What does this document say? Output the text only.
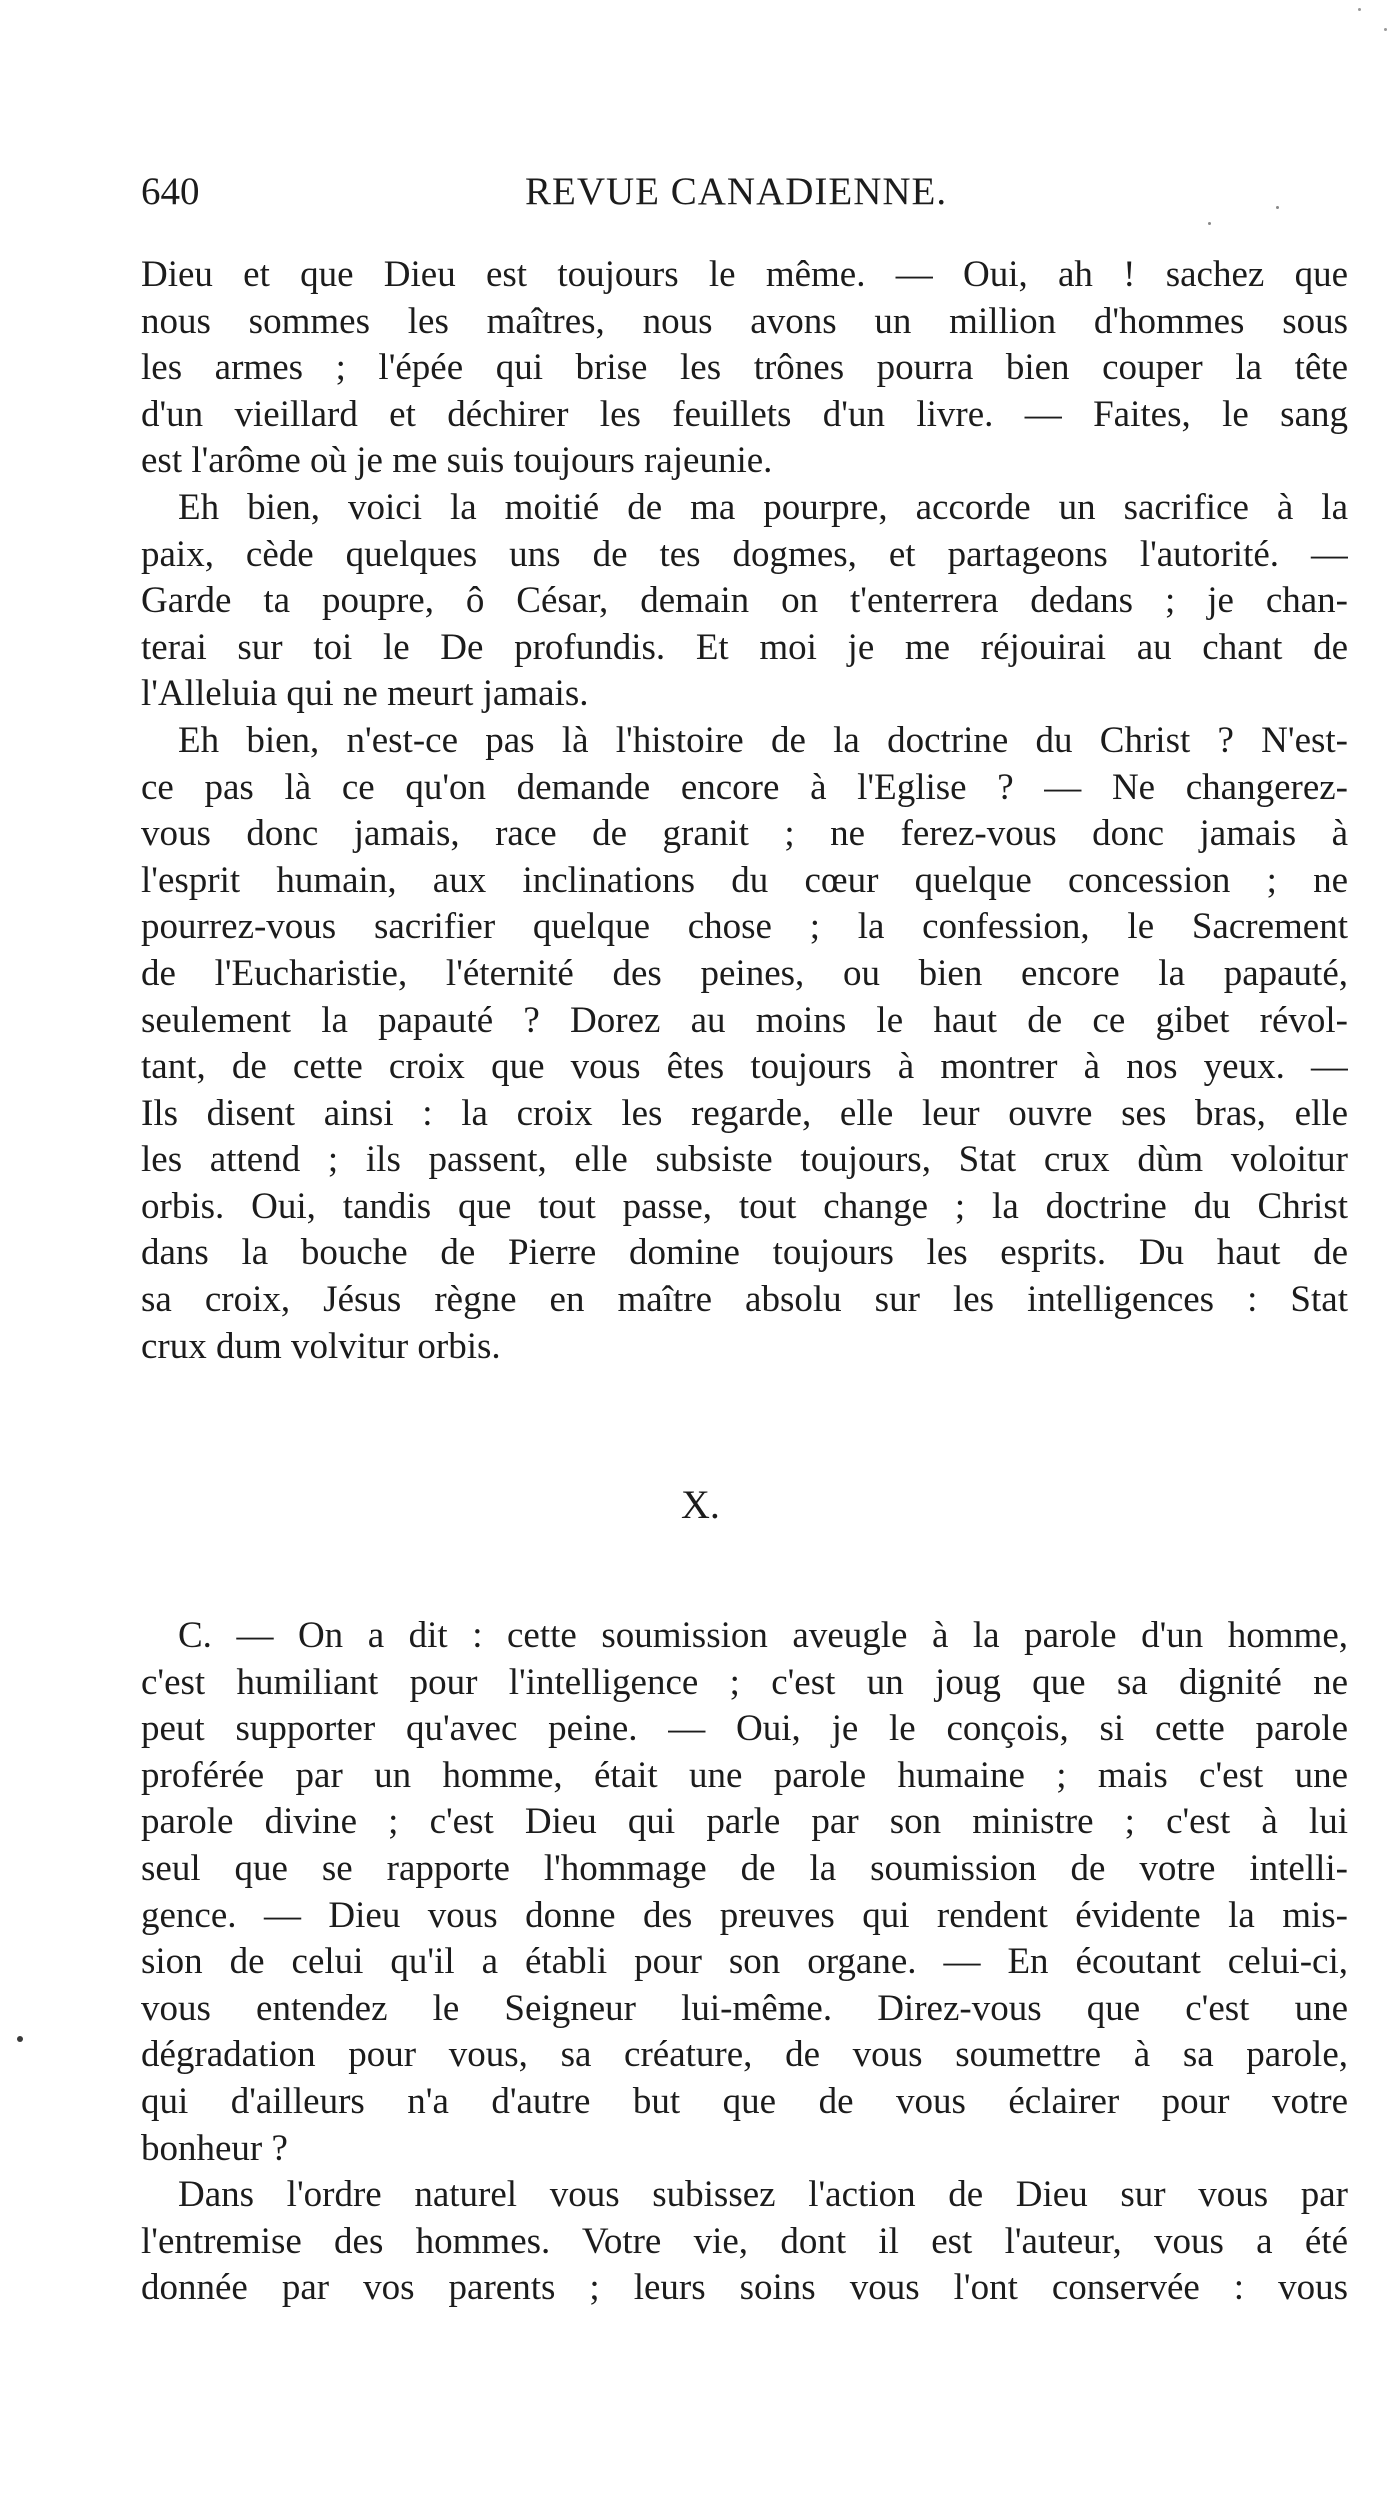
640	REVUE CANADIENNE.
Dieu et que Dieu est toujours le même. — Oui, ah ! sachez que
nous sommes les maîtres, nous avons un million d'hommes sous
les armes ; l'épée qui brise les trônes pourra bien couper la tête
d'un vieillard et déchirer les feuillets d'un livre. — Faites, le sang
est l'arôme où je me suis toujours rajeunie.
Eh bien, voici la moitié de ma pourpre, accorde un sacrifice à la
paix, cède quelques uns de tes dogmes, et partageons l'autorité. —
Garde ta poupre, ô César, demain on t'enterrera dedans ; je chan-
terai sur toi le De profundis. Et moi je me réjouirai au chant de
l'Alleluia qui ne meurt jamais.
Eh bien, n'est-ce pas là l'histoire de la doctrine du Christ ? N'est-
ce pas là ce qu'on demande encore à l'Eglise ? — Ne changerez-
vous donc jamais, race de granit ; ne ferez-vous donc jamais à
l'esprit humain, aux inclinations du cœur quelque concession ; ne
pourrez-vous sacrifier quelque chose ; la confession, le Sacrement
de l'Eucharistie, l'éternité des peines, ou bien encore la papauté,
seulement la papauté ? Dorez au moins le haut de ce gibet révol-
tant, de cette croix que vous êtes toujours à montrer à nos yeux. —
Ils disent ainsi : la croix les regarde, elle leur ouvre ses bras, elle
les attend ; ils passent, elle subsiste toujours, Stat crux dùm voloitur
orbis. Oui, tandis que tout passe, tout change ; la doctrine du Christ
dans la bouche de Pierre domine toujours les esprits. Du haut de
sa croix, Jésus règne en maître absolu sur les intelligences : Stat
crux dum volvitur orbis.
X.
C. — On a dit : cette soumission aveugle à la parole d'un homme,
c'est humiliant pour l'intelligence ; c'est un joug que sa dignité ne
peut supporter qu'avec peine. — Oui, je le conçois, si cette parole
proférée par un homme, était une parole humaine ; mais c'est une
parole divine ; c'est Dieu qui parle par son ministre ; c'est à lui
seul que se rapporte l'hommage de la soumission de votre intelli-
gence. — Dieu vous donne des preuves qui rendent évidente la mis-
sion de celui qu'il a établi pour son organe. — En écoutant celui-ci,
vous entendez le Seigneur lui-même. Direz-vous que c'est une
dégradation pour vous, sa créature, de vous soumettre à sa parole,
qui d'ailleurs n'a d'autre but que de vous éclairer pour votre
bonheur ?
Dans l'ordre naturel vous subissez l'action de Dieu sur vous par
l'entremise des hommes. Votre vie, dont il est l'auteur, vous a été
donnée par vos parents ; leurs soins vous l'ont conservée : vous
